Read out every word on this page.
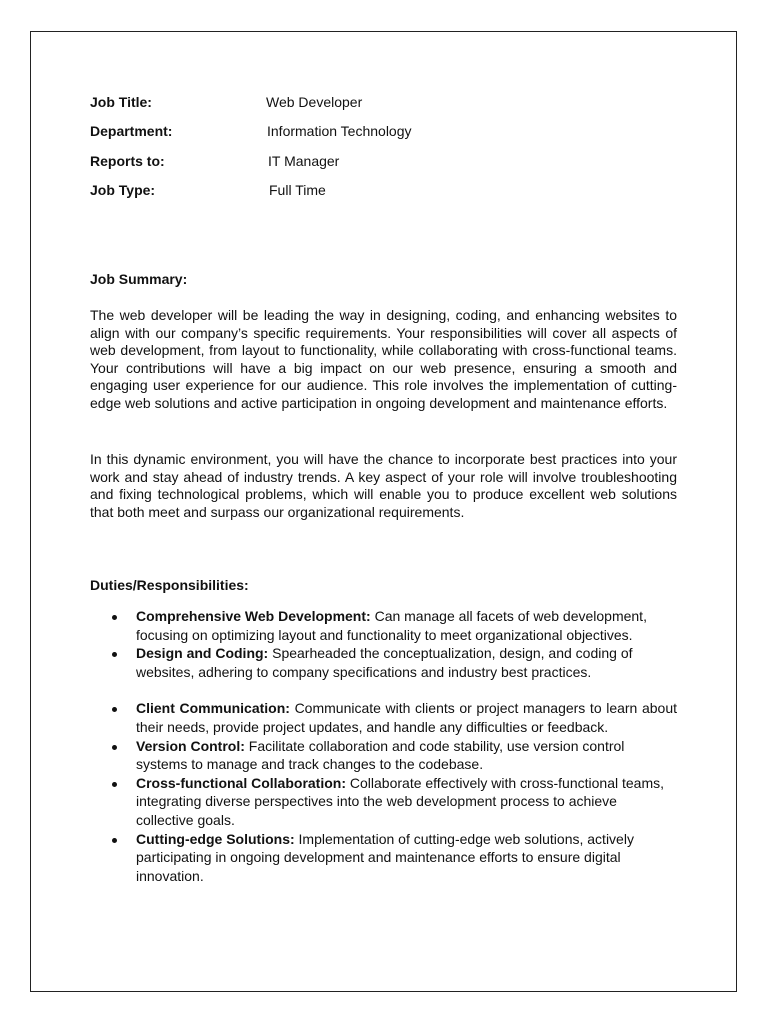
Job Title:	Web Developer
Department:	Information Technology
Reports to:	IT Manager
Job Type:	Full Time
Job Summary:

The web developer will be leading the way in designing, coding, and enhancing websites to align with our company’s specific requirements. Your responsibilities will cover all aspects of web development, from layout to functionality, while collaborating with cross-functional teams. Your contributions will have a big impact on our web presence, ensuring a smooth and engaging user experience for our audience. This role involves the implementation of cutting-edge web solutions and active participation in ongoing development and maintenance efforts.

In this dynamic environment, you will have the chance to incorporate best practices into your work and stay ahead of industry trends. A key aspect of your role will involve troubleshooting and fixing technological problems, which will enable you to produce excellent web solutions that both meet and surpass our organizational requirements.

Duties/Responsibilities:
Comprehensive Web Development: Can manage all facets of web development, focusing on optimizing layout and functionality to meet organizational objectives.
Design and Coding: Spearheaded the conceptualization, design, and coding of websites, adhering to company specifications and industry best practices.
Client Communication: Communicate with clients or project managers to learn about their needs, provide project updates, and handle any difficulties or feedback.
Version Control: Facilitate collaboration and code stability, use version control systems to manage and track changes to the codebase.
Cross-functional Collaboration: Collaborate effectively with cross-functional teams, integrating diverse perspectives into the web development process to achieve collective goals.
Cutting-edge Solutions: Implementation of cutting-edge web solutions, actively participating in ongoing development and maintenance efforts to ensure digital innovation.
